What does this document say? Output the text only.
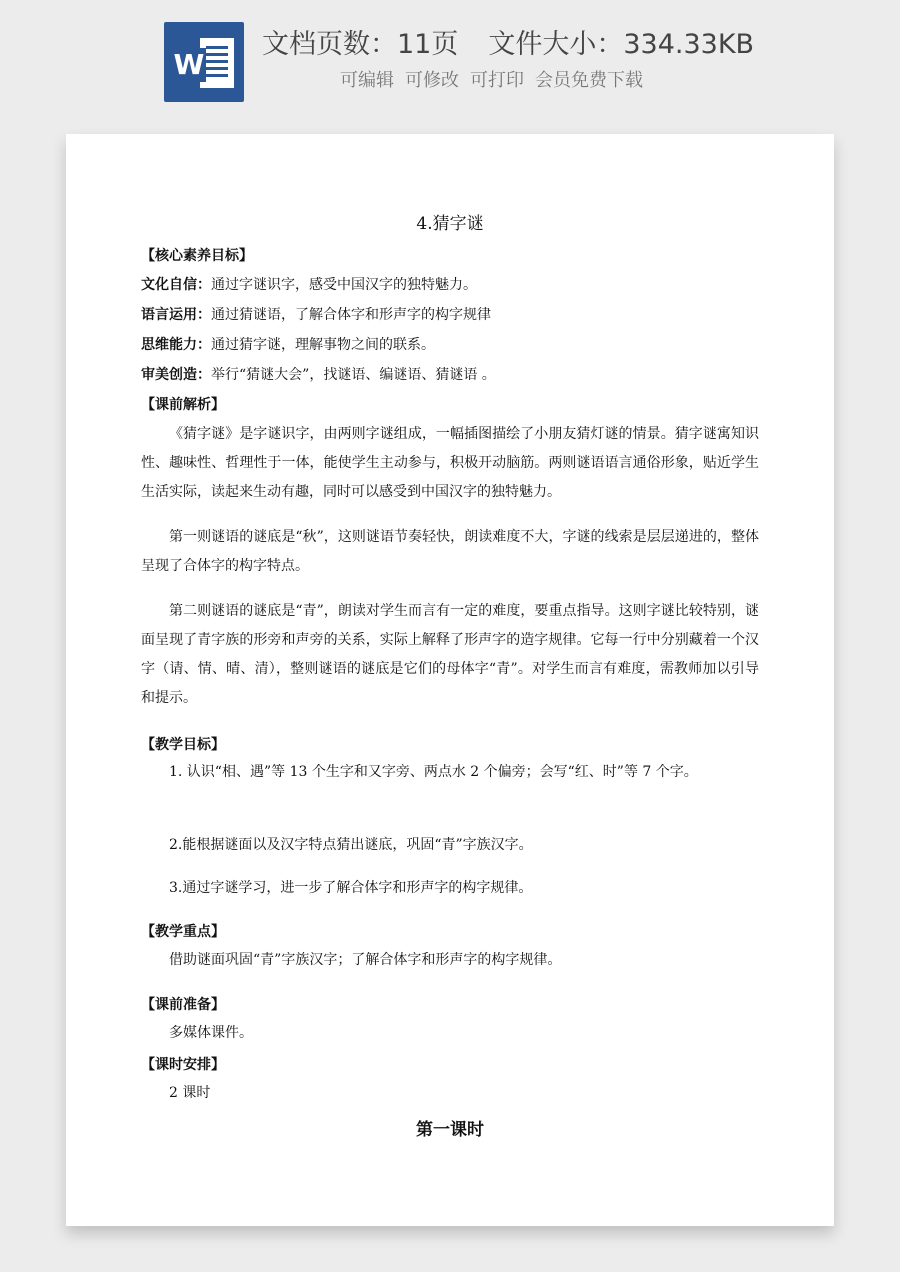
W
文档页数：11页 文件大小：334.33KB
可编辑 可修改 可打印 会员免费下载
4.猜字谜
【核心素养目标】
文化自信：通过字谜识字，感受中国汉字的独特魅力。
语言运用：通过猜谜语，了解合体字和形声字的构字规律
思维能力：通过猜字谜，理解事物之间的联系。
审美创造：举行“猜谜大会”，找谜语、编谜语、猜谜语 。
【课前解析】
《猜字谜》是字谜识字，由两则字谜组成，一幅插图描绘了小朋友猜灯谜的情景。猜字谜寓知识性、趣味性、哲理性于一体，能使学生主动参与，积极开动脑筋。两则谜语语言通俗形象，贴近学生生活实际，读起来生动有趣，同时可以感受到中国汉字的独特魅力。
第一则谜语的谜底是“秋”，这则谜语节奏轻快，朗读难度不大，字谜的线索是层层递进的，整体呈现了合体字的构字特点。
第二则谜语的谜底是“青”，朗读对学生而言有一定的难度，要重点指导。这则字谜比较特别，谜面呈现了青字族的形旁和声旁的关系，实际上解释了形声字的造字规律。它每一行中分别藏着一个汉字（请、情、晴、清），整则谜语的谜底是它们的母体字“青”。对学生而言有难度，需教师加以引导和提示。
【教学目标】
1. 认识“相、遇”等 13 个生字和又字旁、两点水 2 个偏旁；会写“红、时”等 7 个字。
2.能根据谜面以及汉字特点猜出谜底，巩固“青”字族汉字。
3.通过字谜学习，进一步了解合体字和形声字的构字规律。
【教学重点】
借助谜面巩固“青”字族汉字；了解合体字和形声字的构字规律。
【课前准备】
多媒体课件。
【课时安排】
2 课时
第一课时
